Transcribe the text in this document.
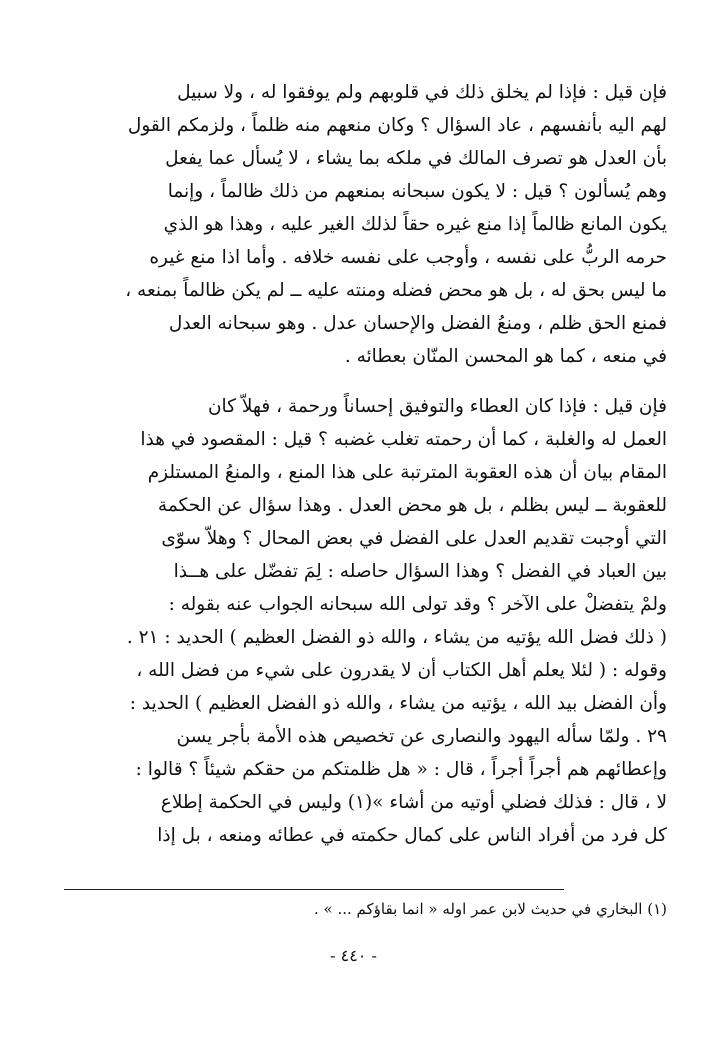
فإن قيل : فإذا لم يخلق ذلك في قلوبهم ولم يوفقوا له ، ولا سبيل
لهم اليه بأنفسهم ، عاد السؤال ؟ وكان منعهم منه ظلماً ، ولزمكم القول
بأن العدل هو تصرف المالك في ملكه بما يشاء ، لا يُسأل عما يفعل
وهم يُسألون ؟ قيل : لا يكون سبحانه بمنعهم من ذلك ظالماً ، وإنما
يكون المانع ظالماً إذا منع غيره حقاً لذلك الغير عليه ، وهذا هو الذي
حرمه الربُّ على نفسه ، وأوجب على نفسه خلافه . وأما اذا منع غيره
ما ليس بحق له ، بل هو محض فضله ومنته عليه ــ لم يكن ظالماً بمنعه ،
فمنع الحق ظلم ، ومنعُ الفضل والإحسان عدل . وهو سبحانه العدل
في منعه ، كما هو المحسن المنّان بعطائه .
فإن قيل : فإذا كان العطاء والتوفيق إحساناً ورحمة ، فهلاّ كان
العمل له والغلبة ، كما أن رحمته تغلب غضبه ؟ قيل : المقصود في هذا
المقام بيان أن هذه العقوبة المترتبة على هذا المنع ، والمنعُ المستلزم
للعقوبة ــ ليس بظلم ، بل هو محض العدل . وهذا سؤال عن الحكمة
التي أوجبت تقديم العدل على الفضل في بعض المحال ؟ وهلاّ سوّى
بين العباد في الفضل ؟ وهذا السؤال حاصله : لِمَ تفضّل على هــذا
ولمْ يتفضلْ على الآخر ؟ وقد تولى الله سبحانه الجواب عنه بقوله :
( ذلك فضل الله يؤتيه من يشاء ، والله ذو الفضل العظيم ) الحديد : ٢١ .
وقوله : ( لئلا يعلم أهل الكتاب أن لا يقدرون على شيء من فضل الله ،
وأن الفضل بيد الله ، يؤتيه من يشاء ، والله ذو الفضل العظيم ) الحديد :
٢٩ . ولمّا سأله اليهود والنصارى عن تخصيص هذه الأمة بأجر يسن
وإعطائهم هم أجراً أجراً ، قال : « هل ظلمتكم من حقكم شيئاً ؟ قالوا :
لا ، قال : فذلك فضلي أوتيه من أشاء »(١) وليس في الحكمة إطلاع
كل فرد من أفراد الناس على كمال حكمته في عطائه ومنعه ، بل إذا
(١) البخاري في حديث لابن عمر اوله « انما بقاؤكم ... » .
- ٤٤٠ -
